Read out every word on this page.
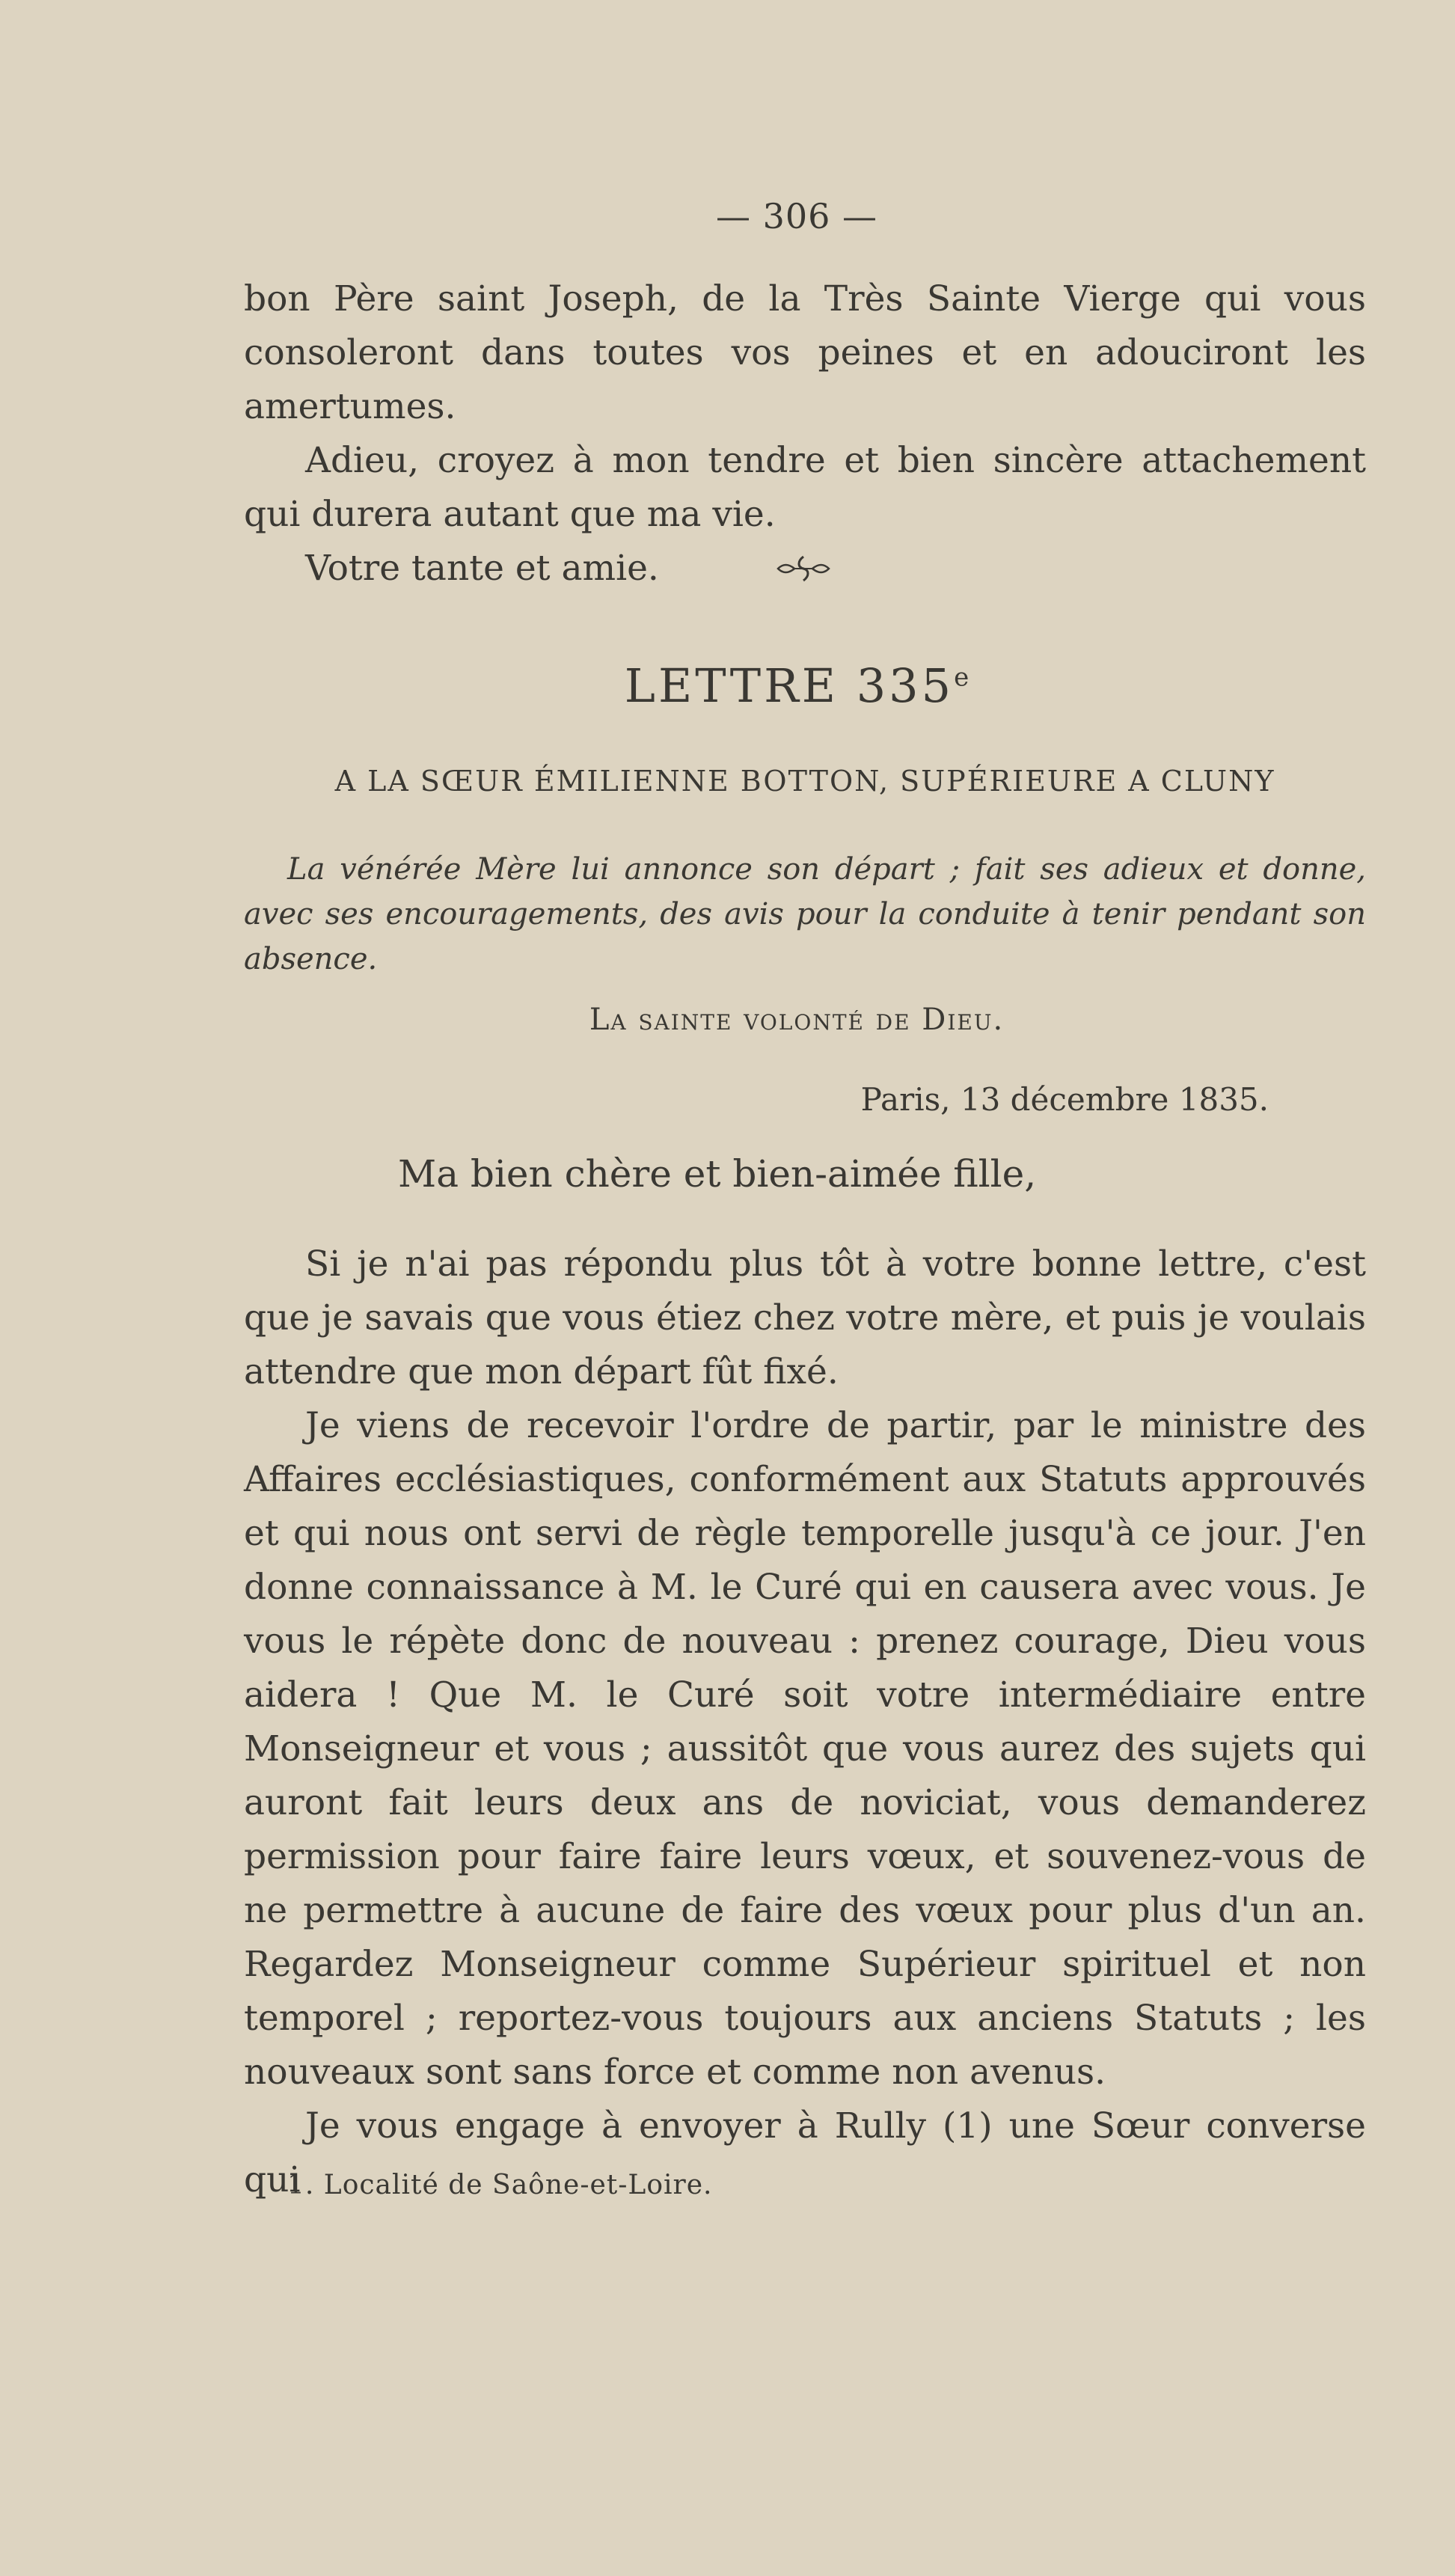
— 306 —

bon Père saint Joseph, de la Très Sainte Vierge qui vous consoleront dans toutes vos peines et en adouciront les amertumes.

Adieu, croyez à mon tendre et bien sincère attachement qui durera autant que ma vie.

Votre tante et amie.

LETTRE 335e
A LA SŒUR ÉMILIENNE BOTTON, SUPÉRIEURE A CLUNY

La vénérée Mère lui annonce son départ ; fait ses adieux et donne, avec ses encouragements, des avis pour la conduite à tenir pendant son absence.

La sainte volonté de Dieu.
Paris, 13 décembre 1835.
Ma bien chère et bien-aimée fille,

Si je n'ai pas répondu plus tôt à votre bonne lettre, c'est que je savais que vous étiez chez votre mère, et puis je voulais attendre que mon départ fût fixé.

Je viens de recevoir l'ordre de partir, par le ministre des Affaires ecclésiastiques, conformément aux Statuts approuvés et qui nous ont servi de règle temporelle jusqu'à ce jour. J'en donne connaissance à M. le Curé qui en causera avec vous. Je vous le répète donc de nouveau : prenez courage, Dieu vous aidera ! Que M. le Curé soit votre intermédiaire entre Monseigneur et vous ; aussitôt que vous aurez des sujets qui auront fait leurs deux ans de noviciat, vous demanderez permission pour faire faire leurs vœux, et souvenez-vous de ne permettre à aucune de faire des vœux pour plus d'un an. Regardez Monseigneur comme Supérieur spirituel et non temporel ; reportez-vous toujours aux anciens Statuts ; les nouveaux sont sans force et comme non avenus.

Je vous engage à envoyer à Rully (1) une Sœur converse qui

1. Localité de Saône-et-Loire.
